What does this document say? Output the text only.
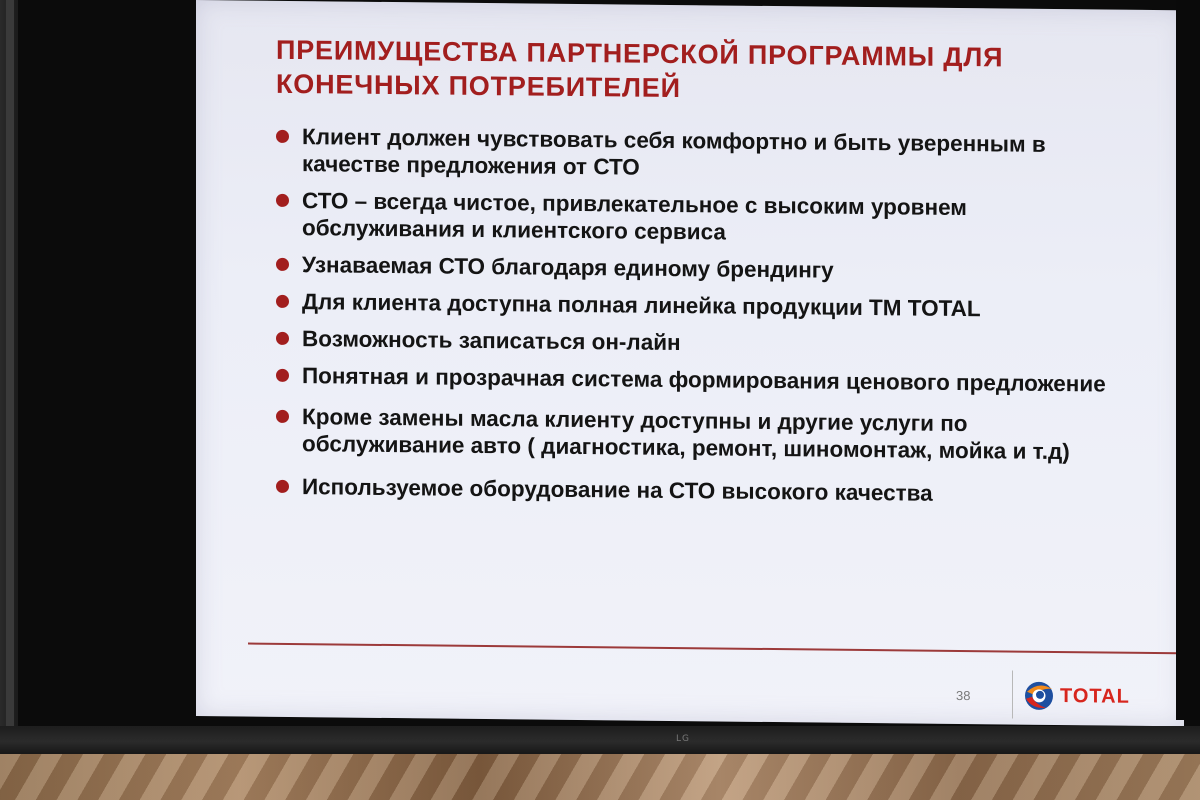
ПРЕИМУЩЕСТВА ПАРТНЕРСКОЙ ПРОГРАММЫ ДЛЯ
КОНЕЧНЫХ ПОТРЕБИТЕЛЕЙ
Клиент должен чувствовать себя комфортно и быть уверенным в качестве предложения от СТО
СТО – всегда чистое, привлекательное с высоким уровнем обслуживания и клиентского сервиса
Узнаваемая СТО благодаря единому брендингу
Для клиента доступна полная линейка продукции ТМ TOTAL
Возможность записаться он-лайн
Понятная и прозрачная система формирования ценового предложение
Кроме замены масла клиенту доступны и другие услуги по обслуживание авто ( диагностика, ремонт, шиномонтаж, мойка и т.д)
Используемое оборудование на СТО высокого качества
38	TOTAL
LG
